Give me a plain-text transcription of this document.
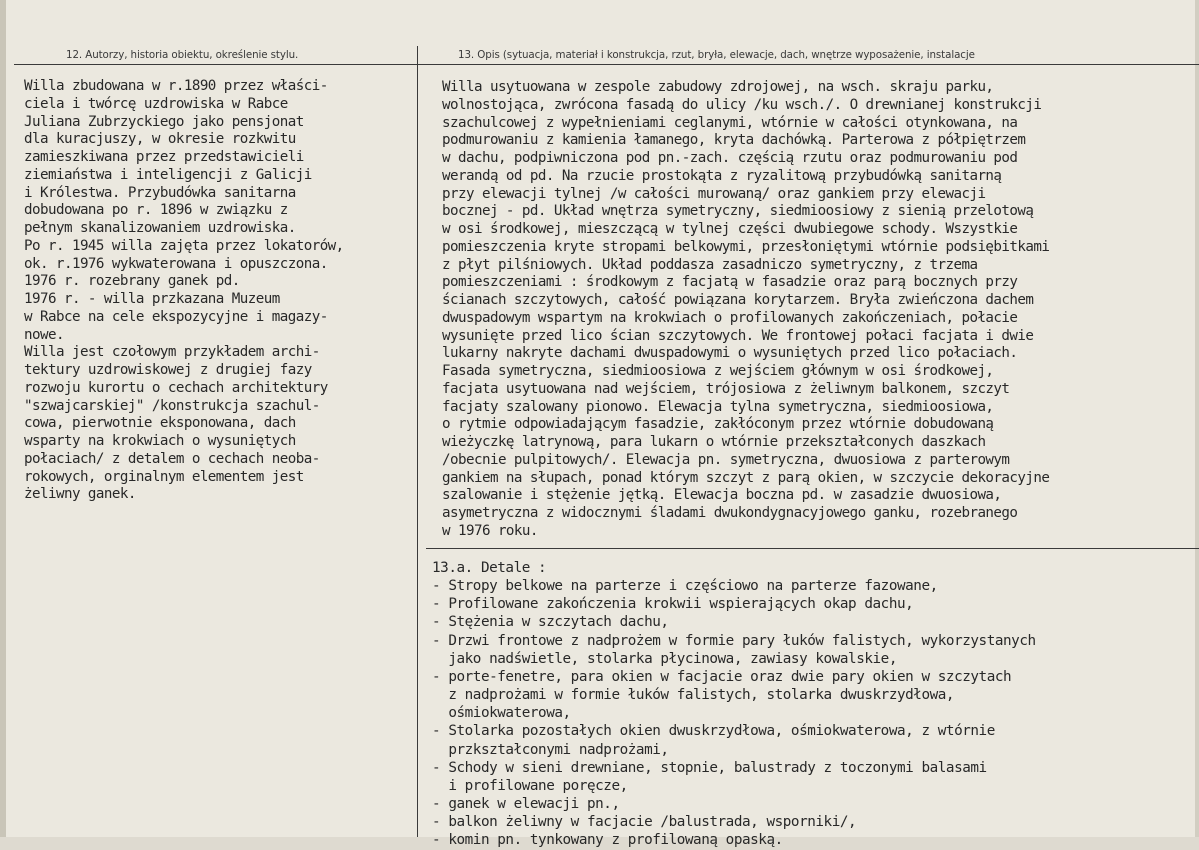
12. Autorzy, historia obiektu, określenie stylu.	13. Opis (sytuacja, materiał i konstrukcja, rzut, bryła, elewacje, dach, wnętrze wyposażenie, instalacje
Willa zbudowana w r.1890 przez właści-
ciela i twórcę uzdrowiska w Rabce
Juliana Zubrzyckiego jako pensjonat
dla kuracjuszy, w okresie rozkwitu
zamieszkiwana przez przedstawicieli
ziemiaństwa i inteligencji z Galicji
i Królestwa. Przybudówka sanitarna
dobudowana po r. 1896 w związku z
pełnym skanalizowaniem uzdrowiska.
Po r. 1945 willa zajęta przez lokatorów,
ok. r.1976 wykwaterowana i opuszczona.
1976 r. rozebrany ganek pd.
1976 r. - willa przkazana Muzeum
w Rabce na cele ekspozycyjne i magazy-
nowe.
Willa jest czołowym przykładem archi-
tektury uzdrowiskowej z drugiej fazy
rozwoju kurortu o cechach architektury
"szwajcarskiej" /konstrukcja szachul-
cowa, pierwotnie eksponowana, dach
wsparty na krokwiach o wysuniętych
połaciach/ z detalem o cechach neoba-
rokowych, orginalnym elementem jest
żeliwny ganek.
Willa usytuowana w zespole zabudowy zdrojowej, na wsch. skraju parku,
wolnostojąca, zwrócona fasadą do ulicy /ku wsch./. O drewnianej konstrukcji
szachulcowej z wypełnieniami ceglanymi, wtórnie w całości otynkowana, na
podmurowaniu z kamienia łamanego, kryta dachówką. Parterowa z półpiętrzem
w dachu, podpiwniczona pod pn.-zach. częścią rzutu oraz podmurowaniu pod
werandą od pd. Na rzucie prostokąta z ryzalitową przybudówką sanitarną
przy elewacji tylnej /w całości murowaną/ oraz gankiem przy elewacji
bocznej - pd. Układ wnętrza symetryczny, siedmioosiowy z sienią przelotową
w osi środkowej, mieszczącą w tylnej części dwubiegowe schody. Wszystkie
pomieszczenia kryte stropami belkowymi, przesłoniętymi wtórnie podsiębitkami
z płyt pilśniowych. Układ poddasza zasadniczo symetryczny, z trzema
pomieszczeniami : środkowym z facjatą w fasadzie oraz parą bocznych przy
ścianach szczytowych, całość powiązana korytarzem. Bryła zwieńczona dachem
dwuspadowym wspartym na krokwiach o profilowanych zakończeniach, połacie
wysunięte przed lico ścian szczytowych. We frontowej połaci facjata i dwie
lukarny nakryte dachami dwuspadowymi o wysuniętych przed lico połaciach.
Fasada symetryczna, siedmioosiowa z wejściem głównym w osi środkowej,
facjata usytuowana nad wejściem, trójosiowa z żeliwnym balkonem, szczyt
facjaty szalowany pionowo. Elewacja tylna symetryczna, siedmioosiowa,
o rytmie odpowiadającym fasadzie, zakłóconym przez wtórnie dobudowaną
wieżyczkę latrynową, para lukarn o wtórnie przekształconych daszkach
/obecnie pulpitowych/. Elewacja pn. symetryczna, dwuosiowa z parterowym
gankiem na słupach, ponad którym szczyt z parą okien, w szczycie dekoracyjne
szalowanie i stężenie jętką. Elewacja boczna pd. w zasadzie dwuosiowa,
asymetryczna z widocznymi śladami dwukondygnacyjowego ganku, rozebranego
w 1976 roku.
13.a. Detale :
- Stropy belkowe na parterze i częściowo na parterze fazowane,
- Profilowane zakończenia krokwii wspierających okap dachu,
- Stężenia w szczytach dachu,
- Drzwi frontowe z nadprożem w formie pary łuków falistych, wykorzystanych
jako nadświetle, stolarka płycinowa, zawiasy kowalskie,
- porte-fenetre, para okien w facjacie oraz dwie pary okien w szczytach
z nadprożami w formie łuków falistych, stolarka dwuskrzydłowa,
ośmiokwaterowa,
- Stolarka pozostałych okien dwuskrzydłowa, ośmiokwaterowa, z wtórnie
przkształconymi nadprożami,
- Schody w sieni drewniane, stopnie, balustrady z toczonymi balasami
i profilowane poręcze,
- ganek w elewacji pn.,
- balkon żeliwny w facjacie /balustrada, wsporniki/,
- komin pn. tynkowany z profilowaną opaską.
